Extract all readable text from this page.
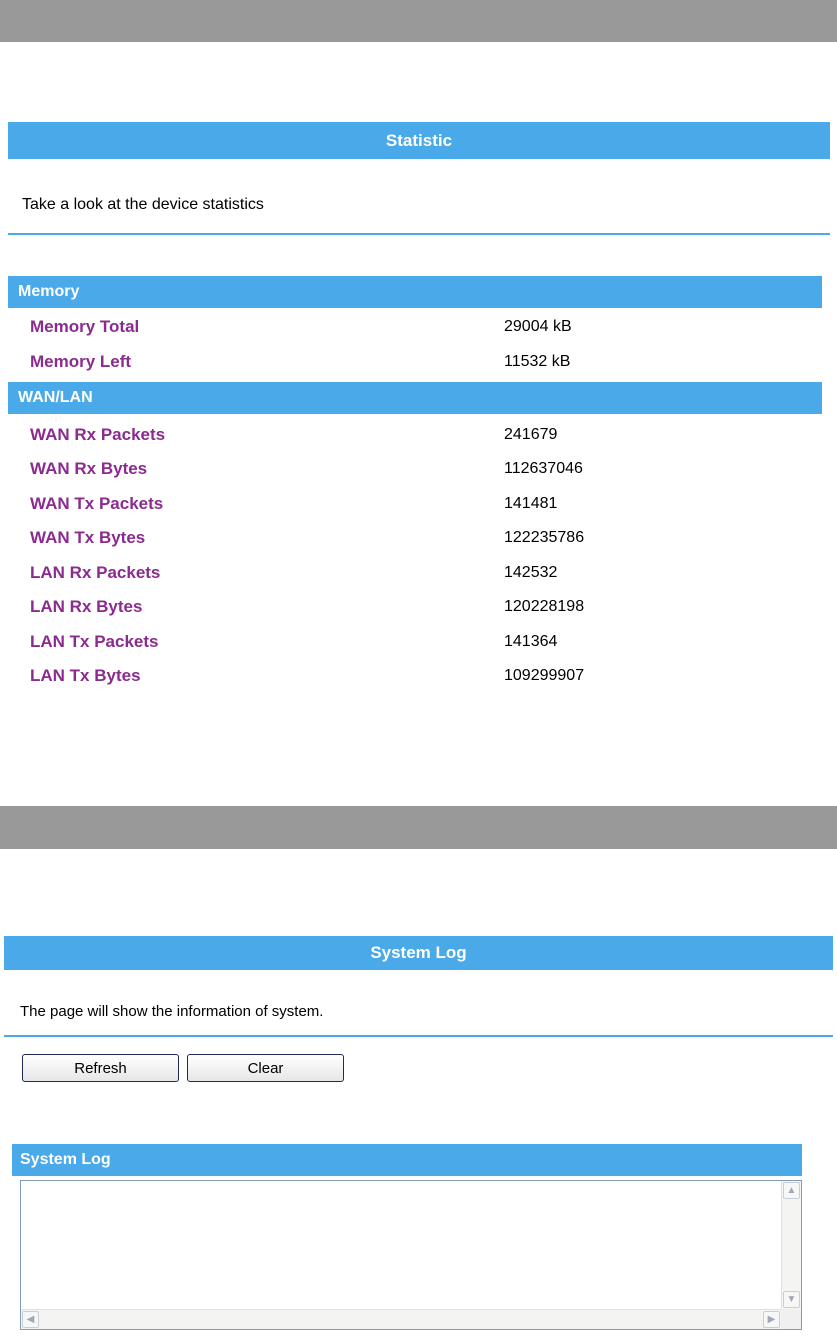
Statistic
Take a look at the device statistics
Memory
Memory Total	29004 kB
Memory Left	11532 kB
WAN/LAN
WAN Rx Packets	241679
WAN Rx Bytes	112637046
WAN Tx Packets	141481
WAN Tx Bytes	122235786
LAN Rx Packets	142532
LAN Rx Bytes	120228198
LAN Tx Packets	141364
LAN Tx Bytes	109299907
System Log
The page will show the information of system.
Refresh	Clear
System Log
▲
▼
◀	▶
